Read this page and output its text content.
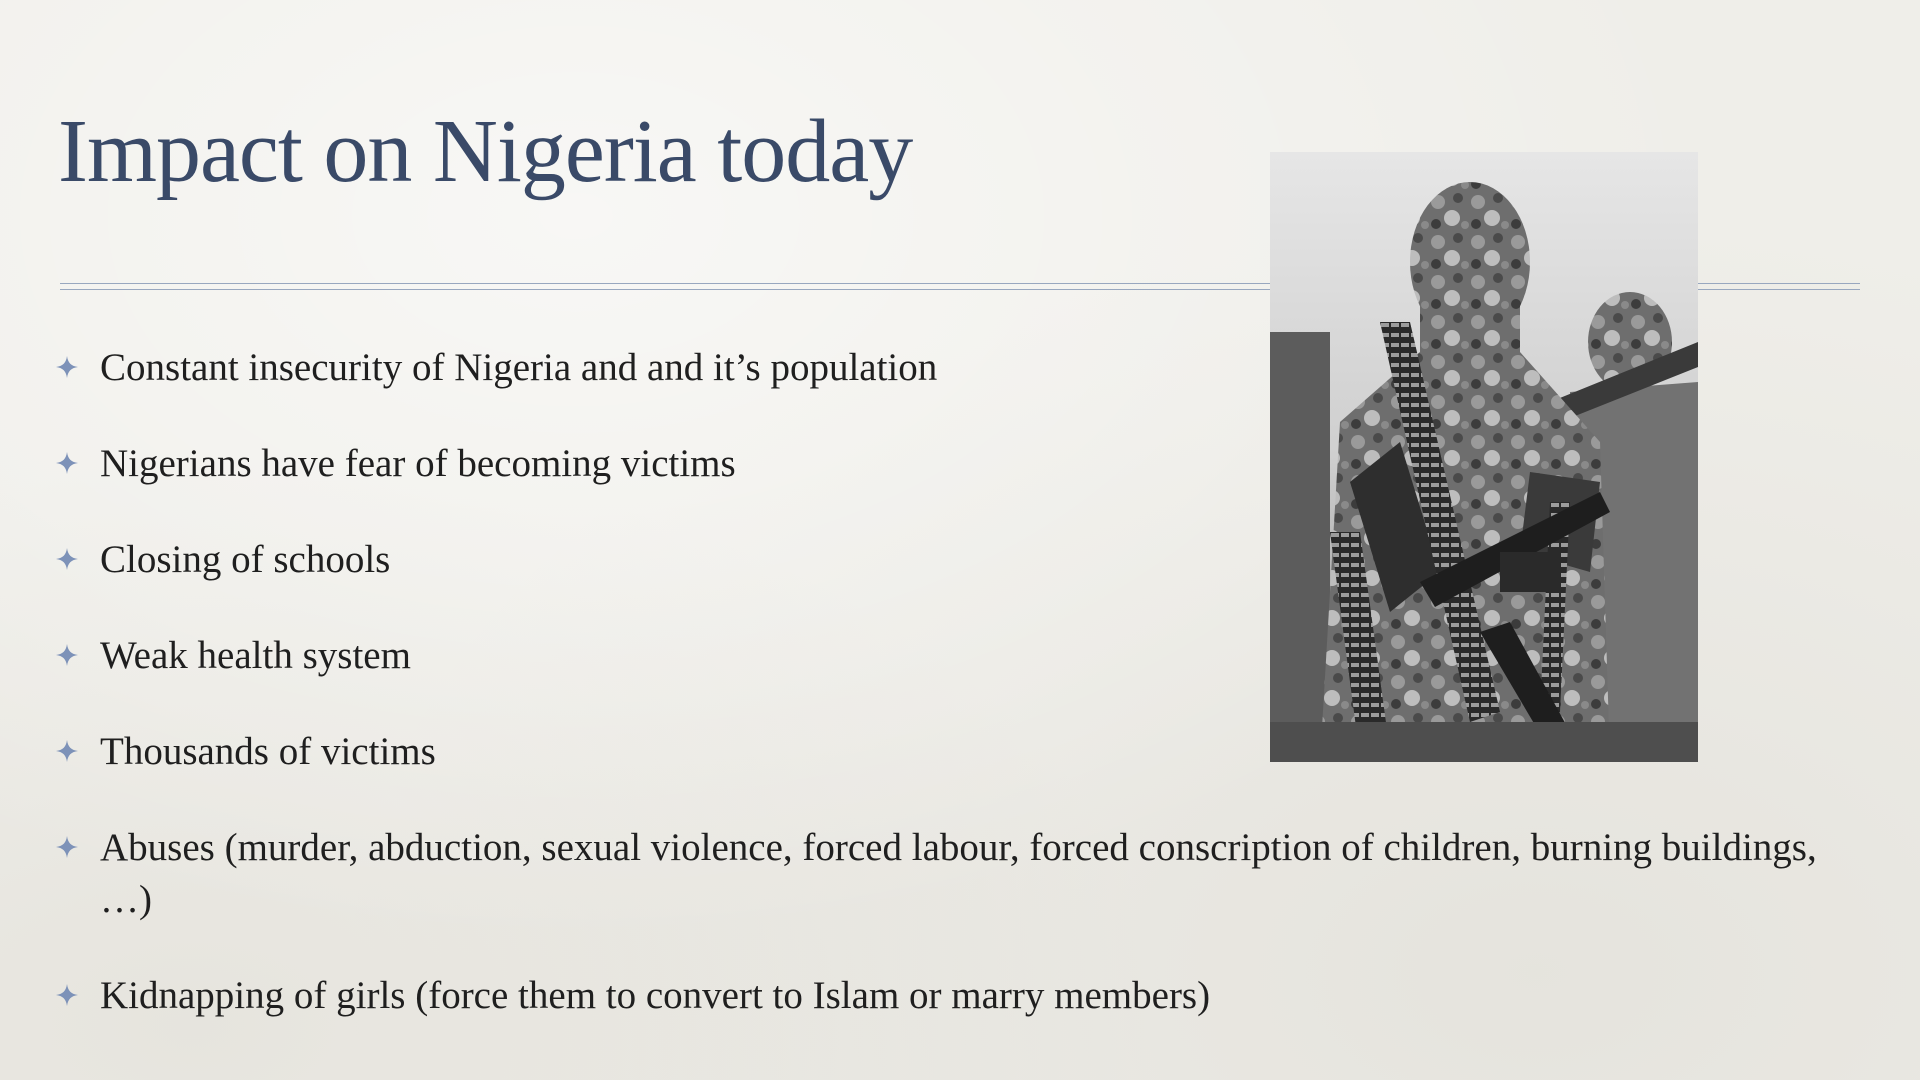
Impact on Nigeria today
Constant insecurity of Nigeria and and it’s population
Nigerians have fear of becoming victims
Closing of schools
Weak health system
Thousands of victims
Abuses (murder, abduction, sexual violence, forced labour, forced conscription of children, burning buildings, …)
Kidnapping of girls (force them to convert to Islam or marry members)
